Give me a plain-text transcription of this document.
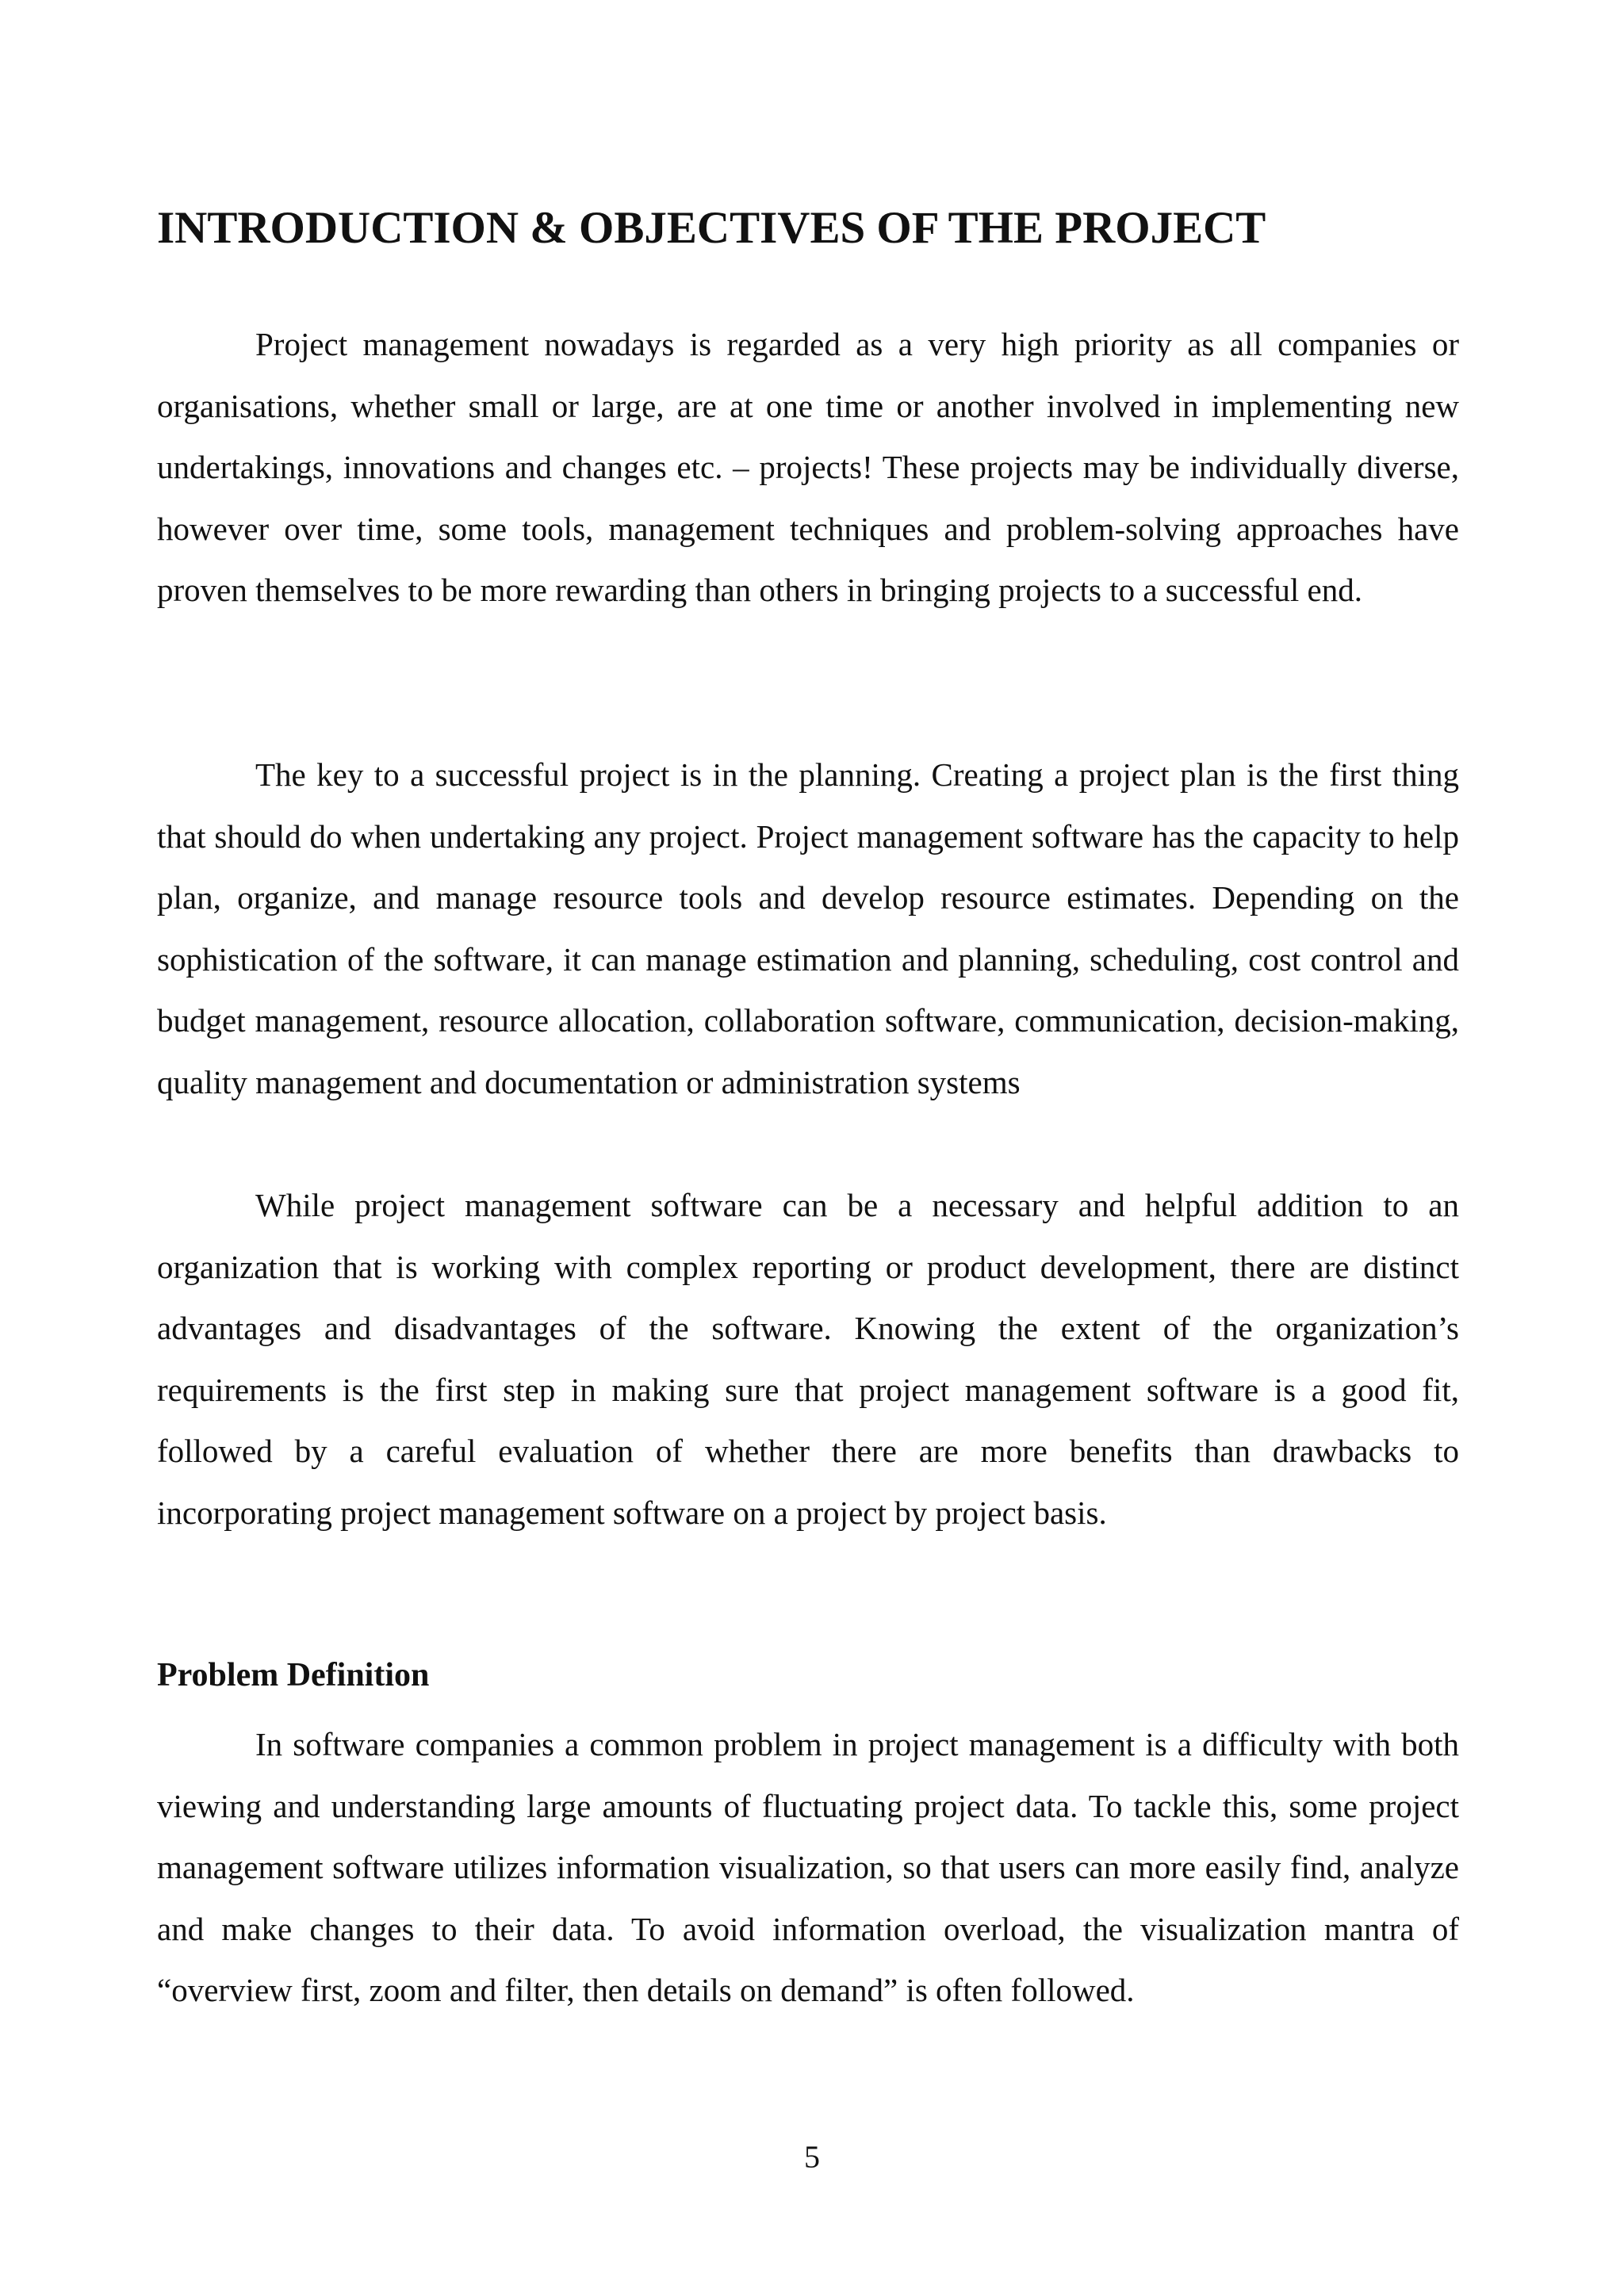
INTRODUCTION & OBJECTIVES OF THE PROJECT

Project management nowadays is regarded as a very high priority as all companies or organisations, whether small or large, are at one time or another involved in implementing new undertakings, innovations and changes etc. – projects! These projects may be individually diverse, however over time, some tools, management techniques and problem-solving approaches have proven themselves to be more rewarding than others in bringing projects to a successful end.

The key to a successful project is in the planning. Creating a project plan is the first thing that should do when undertaking any project. Project management software has the capacity to help plan, organize, and manage resource tools and develop resource estimates. Depending on the sophistication of the software, it can manage estimation and planning, scheduling, cost control and budget management, resource allocation, collaboration software, communication, decision-making, quality management and documentation or administration systems

While project management software can be a necessary and helpful addition to an organization that is working with complex reporting or product development, there are distinct advantages and disadvantages of the software. Knowing the extent of the organization’s requirements is the first step in making sure that project management software is a good fit, followed by a careful evaluation of whether there are more benefits than drawbacks to incorporating project management software on a project by project basis.

Problem Definition

In software companies a common problem in project management is a difficulty with both viewing and understanding large amounts of fluctuating project data. To tackle this, some project management software utilizes information visualization, so that users can more easily find, analyze and make changes to their data. To avoid information overload, the visualization mantra of “overview first, zoom and filter, then details on demand” is often followed.

5
